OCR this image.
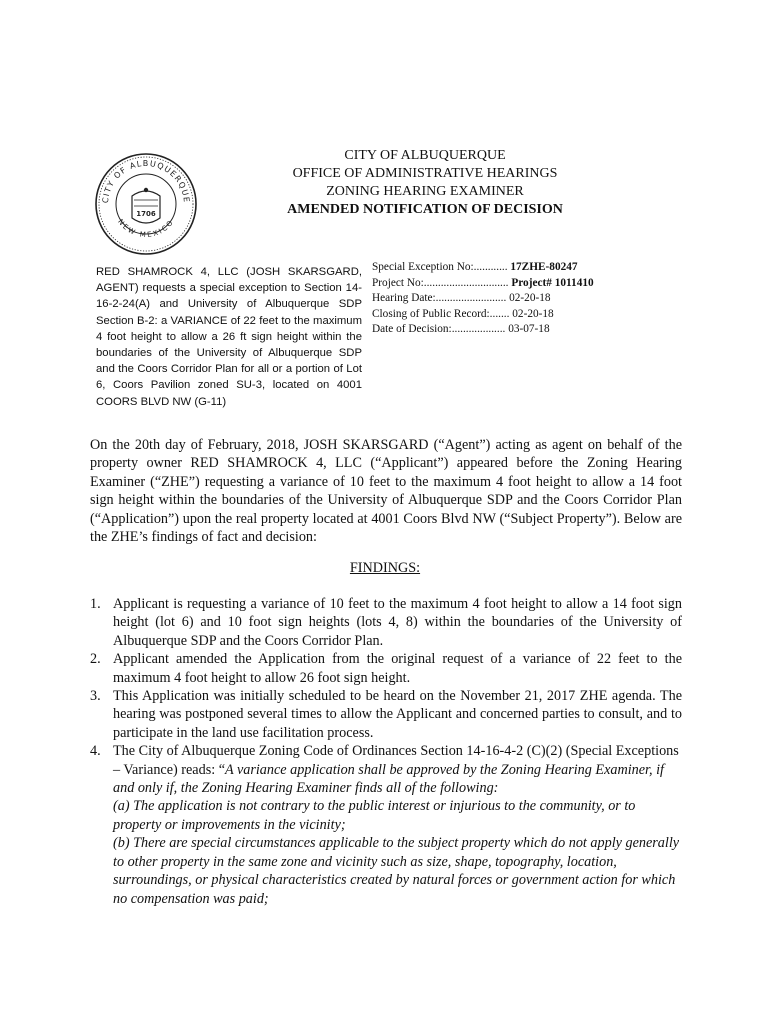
CITY OF ALBUQUERQUE
NEW MEXICO
1706
CITY OF ALBUQUERQUE
OFFICE OF ADMINISTRATIVE HEARINGS
ZONING HEARING EXAMINER
AMENDED NOTIFICATION OF DECISION
RED SHAMROCK 4, LLC (JOSH SKARSGARD, AGENT) requests a special exception to Section 14-16-2-24(A) and University of Albuquerque SDP Section B-2: a VARIANCE of 22 feet to the maximum 4 foot height to allow a 26 ft sign height within the boundaries of the University of Albuquerque SDP and the Coors Corridor Plan for all or a portion of Lot 6, Coors Pavilion zoned SU-3, located on 4001 COORS BLVD NW (G-11)
Special Exception No:............ 17ZHE-80247
Project No:.............................. Project# 1011410
Hearing Date:......................... 02-20-18
Closing of Public Record:....... 02-20-18
Date of Decision:................... 03-07-18
On the 20th day of February, 2018, JOSH SKARSGARD (“Agent”) acting as agent on behalf of the property owner RED SHAMROCK 4, LLC (“Applicant”) appeared before the Zoning Hearing Examiner (“ZHE”) requesting a variance of 10 feet to the maximum 4 foot height to allow a 14 foot sign height within the boundaries of the University of Albuquerque SDP and the Coors Corridor Plan (“Application”) upon the real property located at 4001 Coors Blvd NW (“Subject Property”). Below are the ZHE’s findings of fact and decision:
FINDINGS:
1. Applicant is requesting a variance of 10 feet to the maximum 4 foot height to allow a 14 foot sign height (lot 6) and 10 foot sign heights (lots 4, 8) within the boundaries of the University of Albuquerque SDP and the Coors Corridor Plan.
2. Applicant amended the Application from the original request of a variance of 22 feet to the maximum 4 foot height to allow 26 foot sign height.
3. This Application was initially scheduled to be heard on the November 21, 2017 ZHE agenda. The hearing was postponed several times to allow the Applicant and concerned parties to consult, and to participate in the land use facilitation process.
4. The City of Albuquerque Zoning Code of Ordinances Section 14-16-4-2 (C)(2) (Special Exceptions – Variance) reads: “A variance application shall be approved by the Zoning Hearing Examiner, if and only if, the Zoning Hearing Examiner finds all of the following:
(a) The application is not contrary to the public interest or injurious to the community, or to property or improvements in the vicinity;
(b) There are special circumstances applicable to the subject property which do not apply generally to other property in the same zone and vicinity such as size, shape, topography, location, surroundings, or physical characteristics created by natural forces or government action for which no compensation was paid;
